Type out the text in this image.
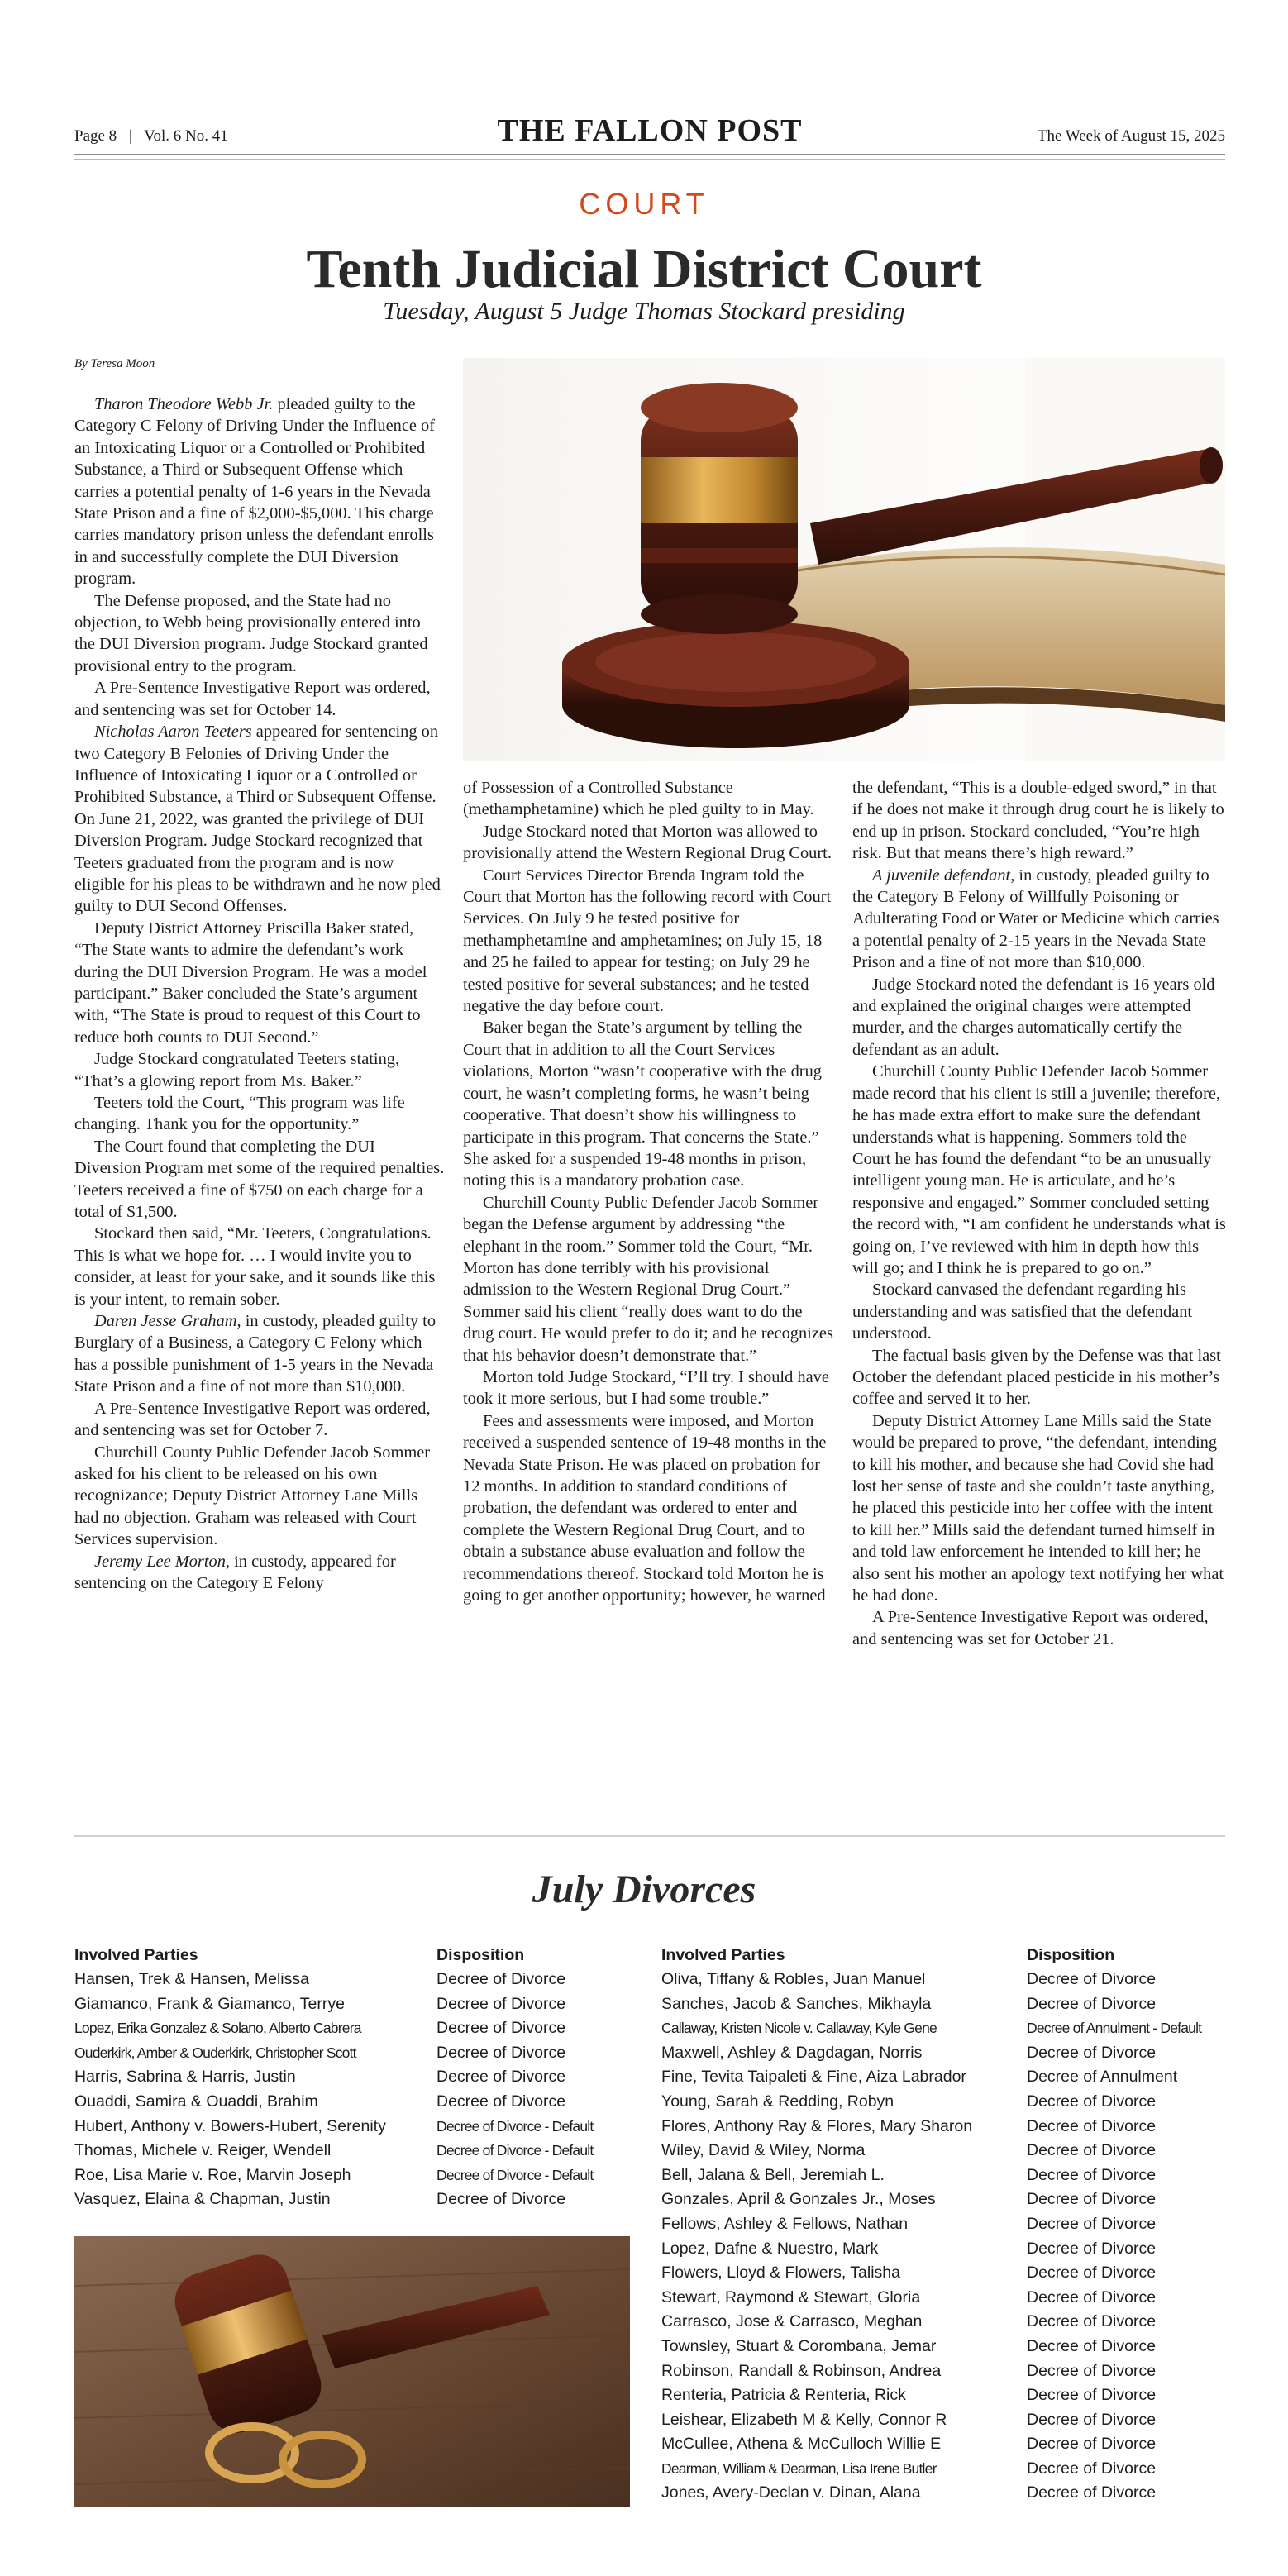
Page 8 | Vol. 6 No. 41	THE FALLON POST	The Week of August 15, 2025
COURT
Tenth Judicial District Court
Tuesday, August 5 Judge Thomas Stockard presiding
By Teresa Moon

Tharon Theodore Webb Jr. pleaded guilty to the Category C Felony of Driving Under the Influence of an Intoxicating Liquor or a Controlled or Prohibited Substance, a Third or Subsequent Offense which carries a potential penalty of 1-6 years in the Nevada State Prison and a fine of $2,000-$5,000. This charge carries mandatory prison unless the defendant enrolls in and successfully complete the DUI Diversion program.

The Defense proposed, and the State had no objection, to Webb being provisionally entered into the DUI Diversion program. Judge Stockard granted provisional entry to the program.

A Pre-Sentence Investigative Report was ordered, and sentencing was set for October 14.

Nicholas Aaron Teeters appeared for sentencing on two Category B Felonies of Driving Under the Influence of Intoxicating Liquor or a Controlled or Prohibited Substance, a Third or Subsequent Offense. On June 21, 2022, was granted the privilege of DUI Diversion Program. Judge Stockard recognized that Teeters graduated from the program and is now eligible for his pleas to be withdrawn and he now pled guilty to DUI Second Offenses.

Deputy District Attorney Priscilla Baker stated, “The State wants to admire the defendant’s work during the DUI Diversion Program. He was a model participant.” Baker concluded the State’s argument with, “The State is proud to request of this Court to reduce both counts to DUI Second.”

Judge Stockard congratulated Teeters stating, “That’s a glowing report from Ms. Baker.”

Teeters told the Court, “This program was life changing. Thank you for the opportunity.”

The Court found that completing the DUI Diversion Program met some of the required penalties. Teeters received a fine of $750 on each charge for a total of $1,500.

Stockard then said, “Mr. Teeters, Congratulations. This is what we hope for. … I would invite you to consider, at least for your sake, and it sounds like this is your intent, to remain sober.

Daren Jesse Graham, in custody, pleaded guilty to Burglary of a Business, a Category C Felony which has a possible punishment of 1-5 years in the Nevada State Prison and a fine of not more than $10,000.

A Pre-Sentence Investigative Report was ordered, and sentencing was set for October 7.

Churchill County Public Defender Jacob Sommer asked for his client to be released on his own recognizance; Deputy District Attorney Lane Mills had no objection. Graham was released with Court Services supervision.

Jeremy Lee Morton, in custody, appeared for sentencing on the Category E Felony

of Possession of a Controlled Substance (methamphetamine) which he pled guilty to in May.

Judge Stockard noted that Morton was allowed to provisionally attend the Western Regional Drug Court.

Court Services Director Brenda Ingram told the Court that Morton has the following record with Court Services. On July 9 he tested positive for methamphetamine and amphetamines; on July 15, 18 and 25 he failed to appear for testing; on July 29 he tested positive for several substances; and he tested negative the day before court.

Baker began the State’s argument by telling the Court that in addition to all the Court Services violations, Morton “wasn’t cooperative with the drug court, he wasn’t completing forms, he wasn’t being cooperative. That doesn’t show his willingness to participate in this program. That concerns the State.” She asked for a suspended 19-48 months in prison, noting this is a mandatory probation case.

Churchill County Public Defender Jacob Sommer began the Defense argument by addressing “the elephant in the room.” Sommer told the Court, “Mr. Morton has done terribly with his provisional admission to the Western Regional Drug Court.” Sommer said his client “really does want to do the drug court. He would prefer to do it; and he recognizes that his behavior doesn’t demonstrate that.”

Morton told Judge Stockard, “I’ll try. I should have took it more serious, but I had some trouble.”

Fees and assessments were imposed, and Morton received a suspended sentence of 19-48 months in the Nevada State Prison. He was placed on probation for 12 months. In addition to standard conditions of probation, the defendant was ordered to enter and complete the Western Regional Drug Court, and to obtain a substance abuse evaluation and follow the recommendations thereof. Stockard told Morton he is going to get another opportunity; however, he warned

the defendant, “This is a double-edged sword,” in that if he does not make it through drug court he is likely to end up in prison. Stockard concluded, “You’re high risk. But that means there’s high reward.”

A juvenile defendant, in custody, pleaded guilty to the Category B Felony of Willfully Poisoning or Adulterating Food or Water or Medicine which carries a potential penalty of 2-15 years in the Nevada State Prison and a fine of not more than $10,000.

Judge Stockard noted the defendant is 16 years old and explained the original charges were attempted murder, and the charges automatically certify the defendant as an adult.

Churchill County Public Defender Jacob Sommer made record that his client is still a juvenile; therefore, he has made extra effort to make sure the defendant understands what is happening. Sommers told the Court he has found the defendant “to be an unusually intelligent young man. He is articulate, and he’s responsive and engaged.” Sommer concluded setting the record with, “I am confident he understands what is going on, I’ve reviewed with him in depth how this will go; and I think he is prepared to go on.”

Stockard canvased the defendant regarding his understanding and was satisfied that the defendant understood.

The factual basis given by the Defense was that last October the defendant placed pesticide in his mother’s coffee and served it to her.

Deputy District Attorney Lane Mills said the State would be prepared to prove, “the defendant, intending to kill his mother, and because she had Covid she had lost her sense of taste and she couldn’t taste anything, he placed this pesticide into her coffee with the intent to kill her.” Mills said the defendant turned himself in and told law enforcement he intended to kill her; he also sent his mother an apology text notifying her what he had done.

A Pre-Sentence Investigative Report was ordered, and sentencing was set for October 21.

July Divorces
Involved Parties	Disposition
Hansen, Trek & Hansen, Melissa	Decree of Divorce
Giamanco, Frank & Giamanco, Terrye	Decree of Divorce
Lopez, Erika Gonzalez & Solano, Alberto Cabrera	Decree of Divorce
Ouderkirk, Amber & Ouderkirk, Christopher Scott	Decree of Divorce
Harris, Sabrina & Harris, Justin	Decree of Divorce
Ouaddi, Samira & Ouaddi, Brahim	Decree of Divorce
Hubert, Anthony v. Bowers-Hubert, Serenity	Decree of Divorce - Default
Thomas, Michele v. Reiger, Wendell	Decree of Divorce - Default
Roe, Lisa Marie v. Roe, Marvin Joseph	Decree of Divorce - Default
Vasquez, Elaina & Chapman, Justin	Decree of Divorce
Involved Parties	Disposition
Oliva, Tiffany & Robles, Juan Manuel	Decree of Divorce
Sanches, Jacob & Sanches, Mikhayla	Decree of Divorce
Callaway, Kristen Nicole v. Callaway, Kyle Gene	Decree of Annulment - Default
Maxwell, Ashley & Dagdagan, Norris	Decree of Divorce
Fine, Tevita Taipaleti & Fine, Aiza Labrador	Decree of Annulment
Young, Sarah & Redding, Robyn	Decree of Divorce
Flores, Anthony Ray & Flores, Mary Sharon	Decree of Divorce
Wiley, David & Wiley, Norma	Decree of Divorce
Bell, Jalana & Bell, Jeremiah L.	Decree of Divorce
Gonzales, April & Gonzales Jr., Moses	Decree of Divorce
Fellows, Ashley & Fellows, Nathan	Decree of Divorce
Lopez, Dafne & Nuestro, Mark	Decree of Divorce
Flowers, Lloyd & Flowers, Talisha	Decree of Divorce
Stewart, Raymond & Stewart, Gloria	Decree of Divorce
Carrasco, Jose & Carrasco, Meghan	Decree of Divorce
Townsley, Stuart & Corombana, Jemar	Decree of Divorce
Robinson, Randall & Robinson, Andrea	Decree of Divorce
Renteria, Patricia & Renteria, Rick	Decree of Divorce
Leishear, Elizabeth M & Kelly, Connor R	Decree of Divorce
McCullee, Athena & McCulloch Willie E	Decree of Divorce
Dearman, William & Dearman, Lisa Irene Butler	Decree of Divorce
Jones, Avery-Declan v. Dinan, Alana	Decree of Divorce
